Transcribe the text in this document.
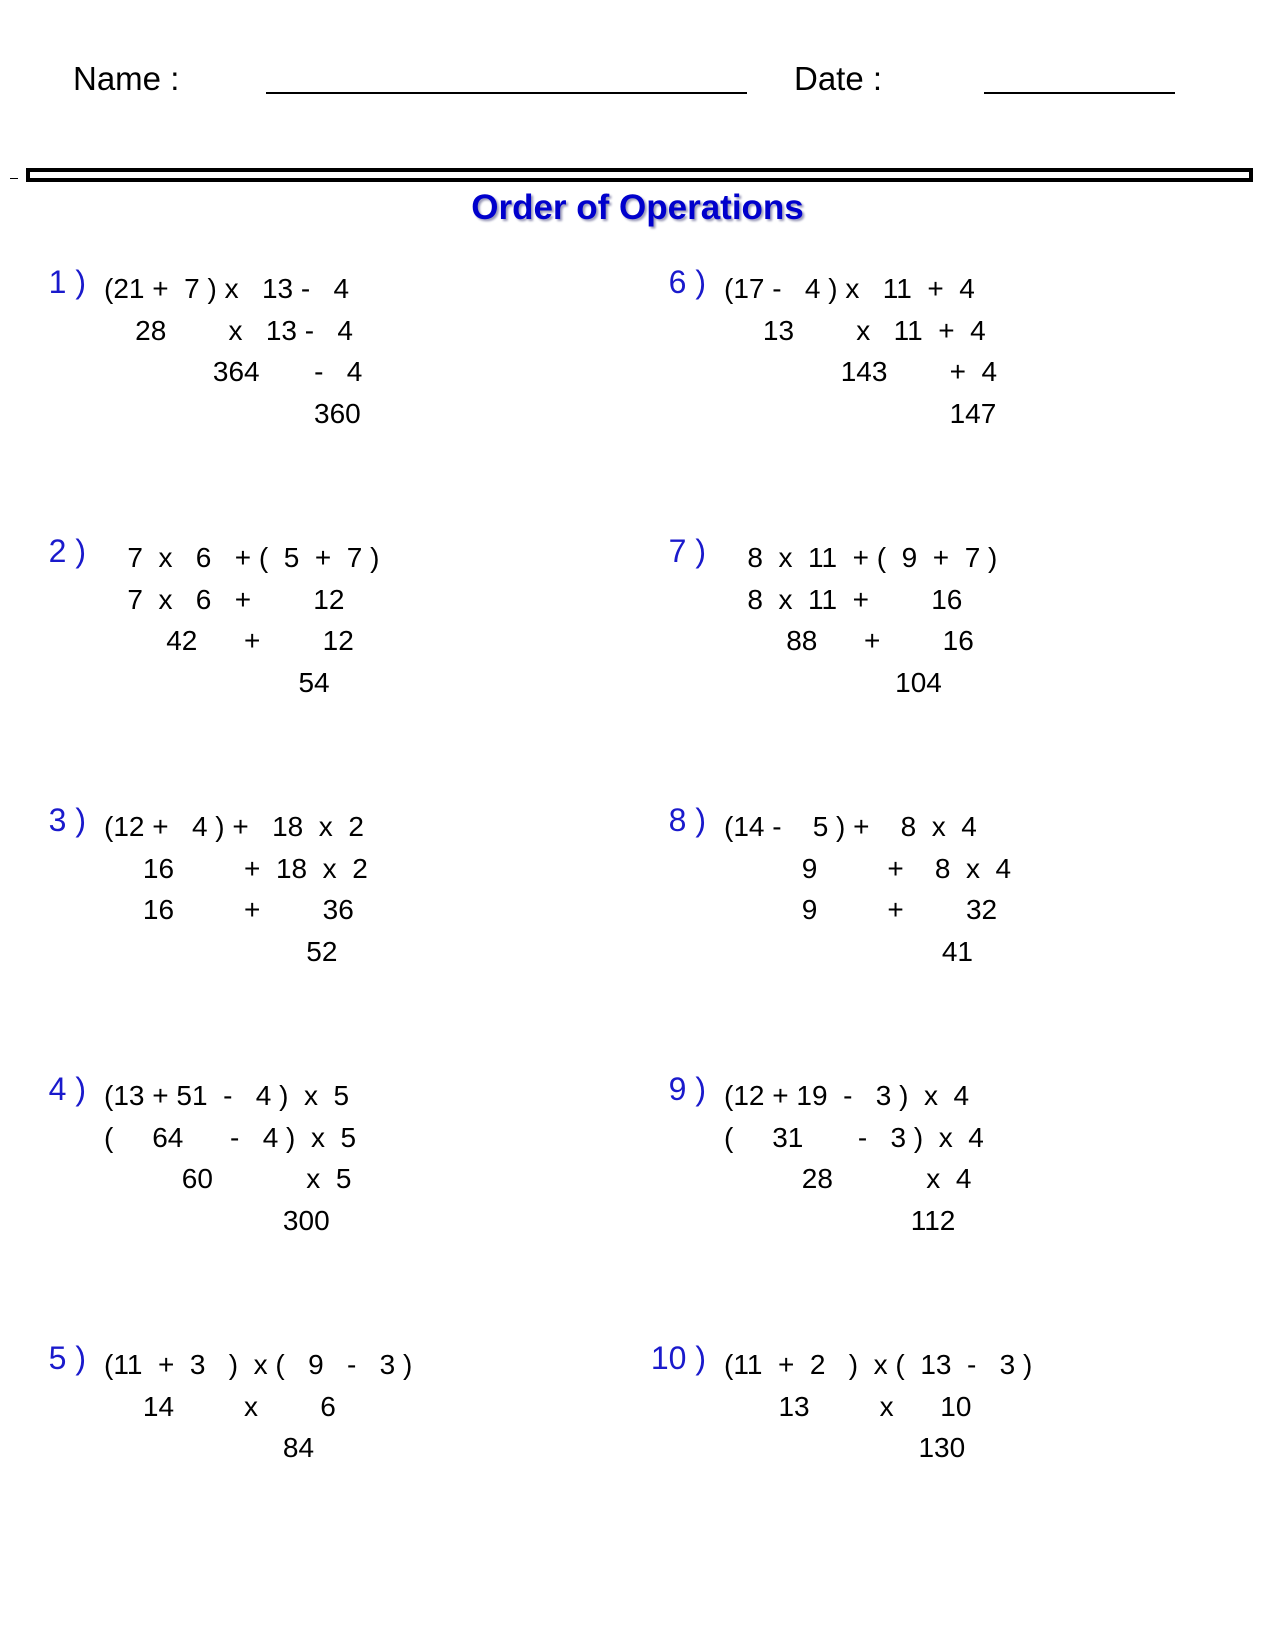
Name :	Date :
Order of Operations
1 ) (21 +  7 ) x   13 -   4
28        x   13 -   4
364       -   4
360
2 ) 7  x   6   + (  5  +  7 )
7  x   6   +        12
42      +        12
54
3 ) (12 +   4 ) +   18  x  2
16         +  18  x  2
16         +        36
52
4 ) (13 + 51  -   4 )  x  5
(     64      -   4 )  x  5
60            x  5
300
5 ) (11  +  3   )  x (   9   -   3 )
14         x        6
84
6 ) (17 -   4 ) x   11  +  4
13        x   11  +  4
143        +  4
147
7 ) 8  x  11  + (  9  +  7 )
8  x  11  +        16
88      +        16
104
8 ) (14 -    5 ) +    8  x  4
9         +    8  x  4
9         +        32
41
9 ) (12 + 19  -   3 )  x  4
(     31       -   3 )  x  4
28            x  4
112
10 ) (11  +  2   )  x (  13  -   3 )
13         x      10
130
